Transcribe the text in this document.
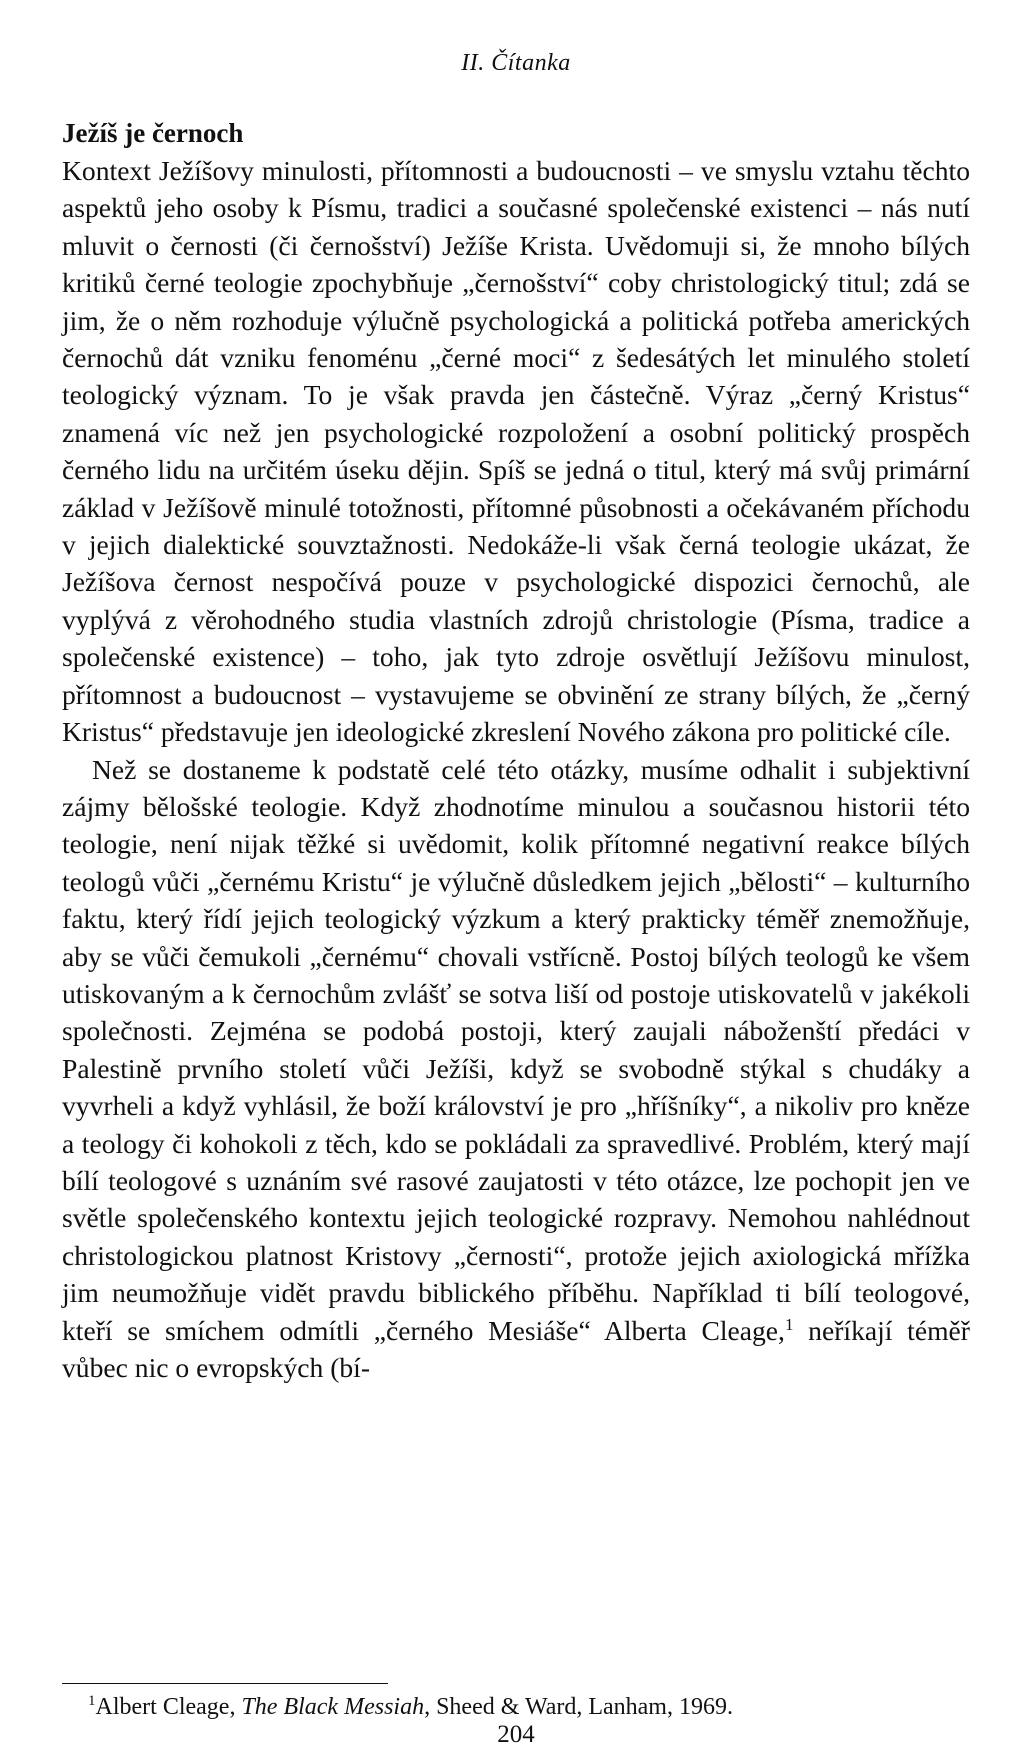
II. Čítanka
Ježíš je černoch

Kontext Ježíšovy minulosti, přítomnosti a budoucnosti – ve smyslu vztahu těchto aspektů jeho osoby k Písmu, tradici a současné společenské existenci – nás nutí mluvit o černosti (či černošství) Ježíše Krista. Uvědomuji si, že mnoho bílých kritiků černé teologie zpochybňuje „černošství“ coby christologický titul; zdá se jim, že o něm rozhoduje výlučně psychologická a politická potřeba amerických černochů dát vzniku fenoménu „černé moci“ z šedesátých let minulého století teologický význam. To je však pravda jen částečně. Výraz „černý Kristus“ znamená víc než jen psychologické rozpoložení a osobní politický prospěch černého lidu na určitém úseku dějin. Spíš se jedná o titul, který má svůj primární základ v Ježíšově minulé totožnosti, přítomné působnosti a očekávaném příchodu v jejich dialektické souvztažnosti. Nedokáže-li však černá teologie ukázat, že Ježíšova černost nespočívá pouze v psychologické dispozici černochů, ale vyplývá z věrohodného studia vlastních zdrojů christologie (Písma, tradice a společenské existence) – toho, jak tyto zdroje osvětlují Ježíšovu minulost, přítomnost a budoucnost – vystavujeme se obvinění ze strany bílých, že „černý Kristus“ představuje jen ideologické zkreslení Nového zákona pro politické cíle.

Než se dostaneme k podstatě celé této otázky, musíme odhalit i subjektivní zájmy bělošské teologie. Když zhodnotíme minulou a současnou historii této teologie, není nijak těžké si uvědomit, kolik přítomné negativní reakce bílých teologů vůči „černému Kristu“ je výlučně důsledkem jejich „bělosti“ – kulturního faktu, který řídí jejich teologický výzkum a který prakticky téměř znemožňuje, aby se vůči čemukoli „černému“ chovali vstřícně. Postoj bílých teologů ke všem utiskovaným a k černochům zvlášť se sotva liší od postoje utiskovatelů v jakékoli společnosti. Zejména se podobá postoji, který zaujali náboženští předáci v Palestině prvního století vůči Ježíši, když se svobodně stýkal s chudáky a vyvrheli a když vyhlásil, že boží království je pro „hříšníky“, a nikoliv pro kněze a teology či kohokoli z těch, kdo se pokládali za spravedlivé. Problém, který mají bílí teologové s uznáním své rasové zaujatosti v této otázce, lze pochopit jen ve světle společenského kontextu jejich teologické rozpravy. Nemohou nahlédnout christologickou platnost Kristovy „černosti“, protože jejich axiologická mřížka jim neumožňuje vidět pravdu biblického příběhu. Například ti bílí teologové, kteří se smíchem odmítli „černého Mesiáše“ Alberta Cleage,$^1$ neříkají téměř vůbec nic o evropských (bí-

$^1$Albert Cleage, The Black Messiah, Sheed & Ward, Lanham, 1969.
204
